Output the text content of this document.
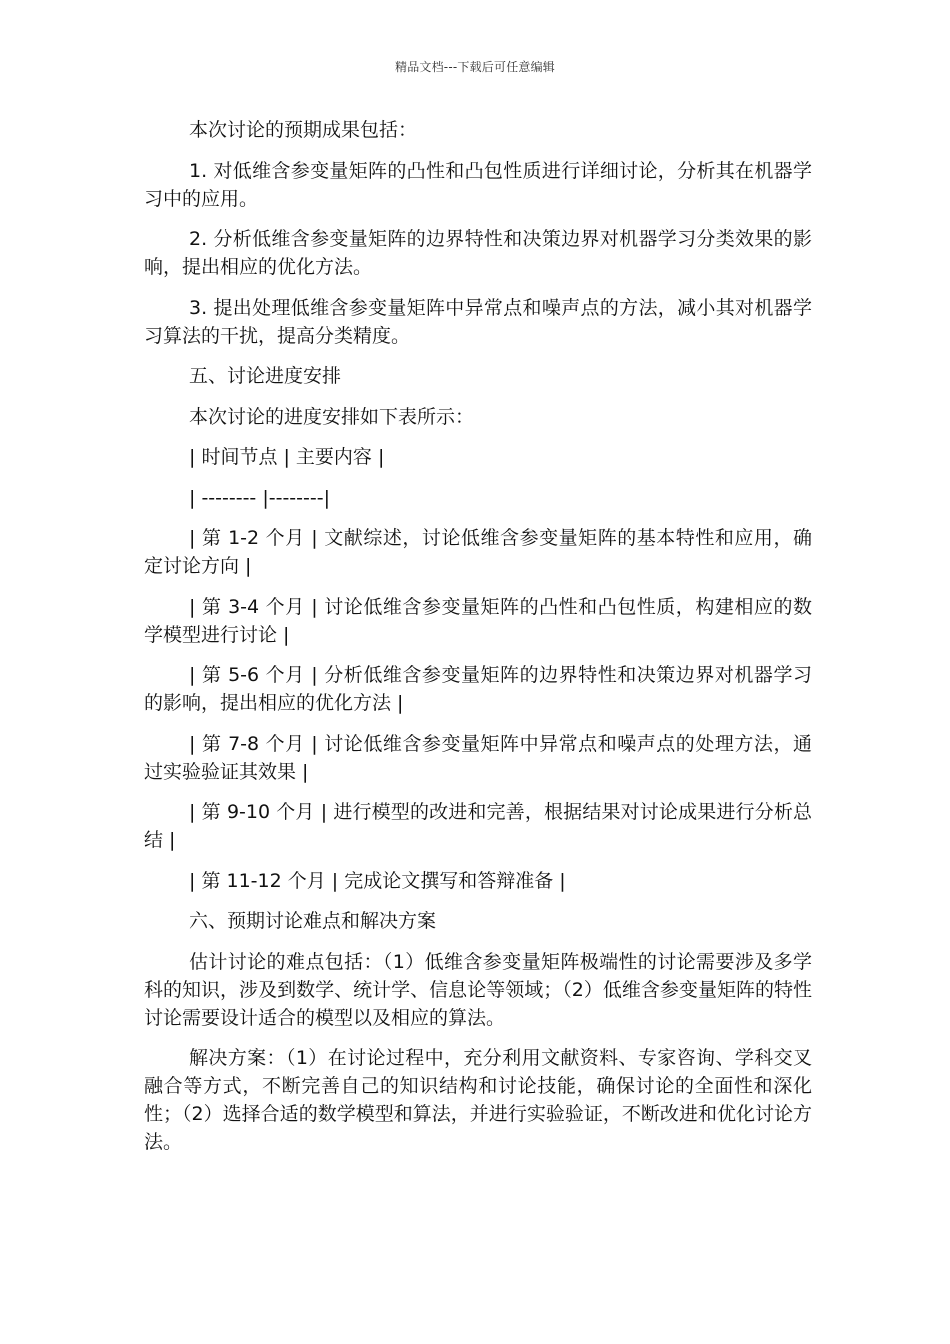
精品文档---下载后可任意编辑

本次讨论的预期成果包括：

1. 对低维含参变量矩阵的凸性和凸包性质进行详细讨论，分析其在机器学习中的应用。

2. 分析低维含参变量矩阵的边界特性和决策边界对机器学习分类效果的影响，提出相应的优化方法。

3. 提出处理低维含参变量矩阵中异常点和噪声点的方法，减小其对机器学习算法的干扰，提高分类精度。

五、讨论进度安排

本次讨论的进度安排如下表所示：

| 时间节点 | 主要内容 |

| -------- |--------|

| 第 1-2 个月 | 文献综述，讨论低维含参变量矩阵的基本特性和应用，确定讨论方向 |

| 第 3-4 个月 | 讨论低维含参变量矩阵的凸性和凸包性质，构建相应的数学模型进行讨论 |

| 第 5-6 个月 | 分析低维含参变量矩阵的边界特性和决策边界对机器学习的影响，提出相应的优化方法 |

| 第 7-8 个月 | 讨论低维含参变量矩阵中异常点和噪声点的处理方法，通过实验验证其效果 |

| 第 9-10 个月 | 进行模型的改进和完善，根据结果对讨论成果进行分析总结 |

| 第 11-12 个月 | 完成论文撰写和答辩准备 |

六、预期讨论难点和解决方案

估计讨论的难点包括：（1）低维含参变量矩阵极端性的讨论需要涉及多学科的知识，涉及到数学、统计学、信息论等领域；（2）低维含参变量矩阵的特性讨论需要设计适合的模型以及相应的算法。

解决方案：（1）在讨论过程中，充分利用文献资料、专家咨询、学科交叉融合等方式，不断完善自己的知识结构和讨论技能，确保讨论的全面性和深化性；（2）选择合适的数学模型和算法，并进行实验验证，不断改进和优化讨论方法。
